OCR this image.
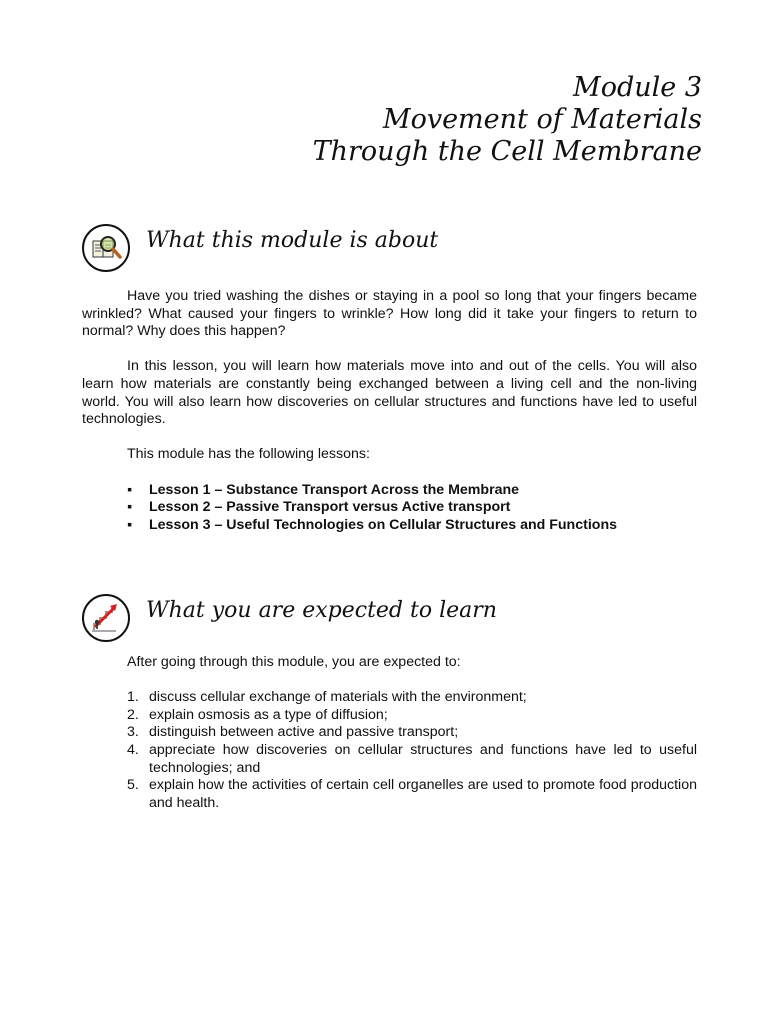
Module 3
Movement of Materials
Through the Cell Membrane
What this module is about

Have you tried washing the dishes or staying in a pool so long that your fingers became wrinkled? What caused your fingers to wrinkle? How long did it take your fingers to return to normal? Why does this happen?

In this lesson, you will learn how materials move into and out of the cells. You will also learn how materials are constantly being exchanged between a living cell and the non-living world. You will also learn how discoveries on cellular structures and functions have led to useful technologies.

This module has the following lessons:

▪ Lesson 1 – Substance Transport Across the Membrane
▪ Lesson 2 – Passive Transport versus Active transport
▪ Lesson 3 – Useful Technologies on Cellular Structures and Functions
What you are expected to learn

After going through this module, you are expected to:

1. discuss cellular exchange of materials with the environment;
2. explain osmosis as a type of diffusion;
3. distinguish between active and passive transport;
4. appreciate how discoveries on cellular structures and functions have led to useful technologies; and
5. explain how the activities of certain cell organelles are used to promote food production and health.
